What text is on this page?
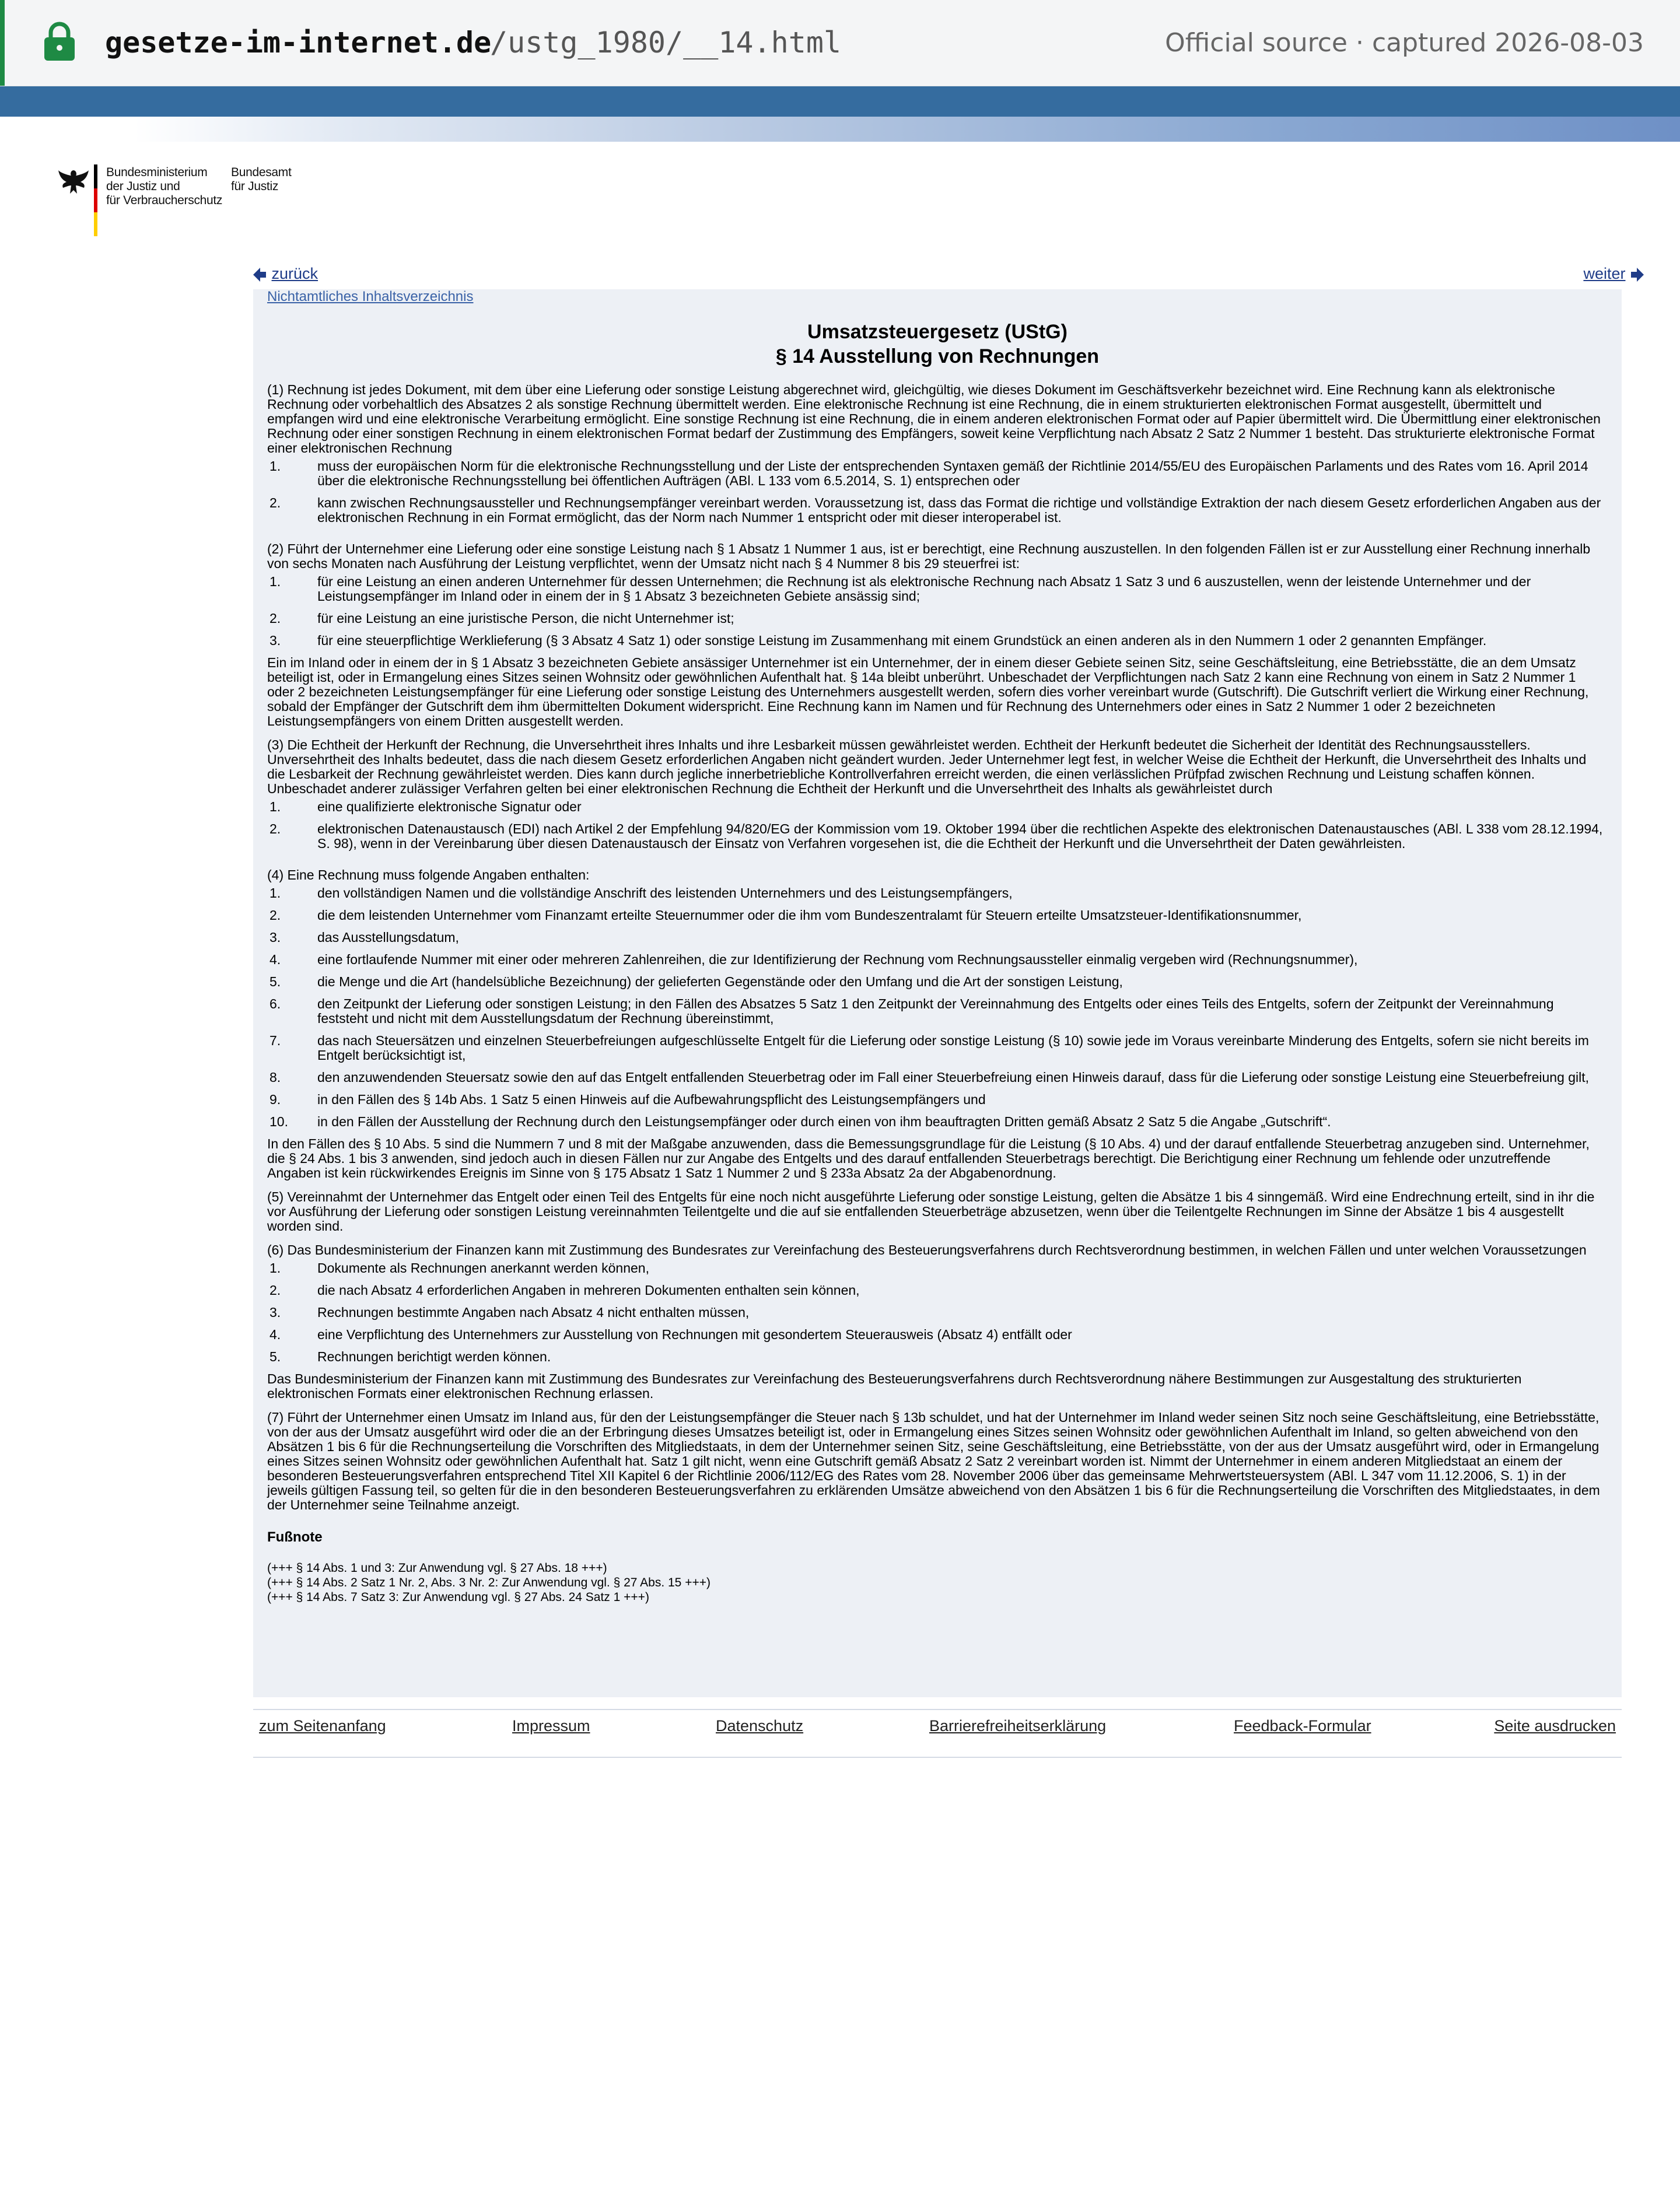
gesetze-im-internet.de
/ustg_1980/__14.html	Official source · captured 2026-08-03
Bundesministerium
der Justiz und
für Verbraucherschutz
Bundesamt
für Justiz
zurück	weiter
Nichtamtliches Inhaltsverzeichnis
Umsatzsteuergesetz (UStG)
§ 14 Ausstellung von Rechnungen

(1) Rechnung ist jedes Dokument, mit dem über eine Lieferung oder sonstige Leistung abgerechnet wird, gleichgültig, wie dieses Dokument im Geschäftsverkehr bezeichnet wird. Eine Rechnung kann als elektronische Rechnung oder vorbehaltlich des Absatzes 2 als sonstige Rechnung übermittelt werden. Eine elektronische Rechnung ist eine Rechnung, die in einem strukturierten elektronischen Format ausgestellt, übermittelt und empfangen wird und eine elektronische Verarbeitung ermöglicht. Eine sonstige Rechnung ist eine Rechnung, die in einem anderen elektronischen Format oder auf Papier übermittelt wird. Die Übermittlung einer elektronischen Rechnung oder einer sonstigen Rechnung in einem elektronischen Format bedarf der Zustimmung des Empfängers, soweit keine Verpflichtung nach Absatz 2 Satz 2 Nummer 1 besteht. Das strukturierte elektronische Format einer elektronischen Rechnung

1.	muss der europäischen Norm für die elektronische Rechnungsstellung und der Liste der entsprechenden Syntaxen gemäß der Richtlinie 2014/55/EU des Europäischen Parlaments und des Rates vom 16. April 2014 über die elektronische Rechnungsstellung bei öffentlichen Aufträgen (ABl. L 133 vom 6.5.2014, S. 1) entsprechen oder
2.	kann zwischen Rechnungsaussteller und Rechnungsempfänger vereinbart werden. Voraussetzung ist, dass das Format die richtige und vollständige Extraktion der nach diesem Gesetz erforderlichen Angaben aus der elektronischen Rechnung in ein Format ermöglicht, das der Norm nach Nummer 1 entspricht oder mit dieser interoperabel ist.

(2) Führt der Unternehmer eine Lieferung oder eine sonstige Leistung nach § 1 Absatz 1 Nummer 1 aus, ist er berechtigt, eine Rechnung auszustellen. In den folgenden Fällen ist er zur Ausstellung einer Rechnung innerhalb von sechs Monaten nach Ausführung der Leistung verpflichtet, wenn der Umsatz nicht nach § 4 Nummer 8 bis 29 steuerfrei ist:

1.	für eine Leistung an einen anderen Unternehmer für dessen Unternehmen; die Rechnung ist als elektronische Rechnung nach Absatz 1 Satz 3 und 6 auszustellen, wenn der leistende Unternehmer und der Leistungsempfänger im Inland oder in einem der in § 1 Absatz 3 bezeichneten Gebiete ansässig sind;
2.	für eine Leistung an eine juristische Person, die nicht Unternehmer ist;
3.	für eine steuerpflichtige Werklieferung (§ 3 Absatz 4 Satz 1) oder sonstige Leistung im Zusammenhang mit einem Grundstück an einen anderen als in den Nummern 1 oder 2 genannten Empfänger.

Ein im Inland oder in einem der in § 1 Absatz 3 bezeichneten Gebiete ansässiger Unternehmer ist ein Unternehmer, der in einem dieser Gebiete seinen Sitz, seine Geschäftsleitung, eine Betriebsstätte, die an dem Umsatz beteiligt ist, oder in Ermangelung eines Sitzes seinen Wohnsitz oder gewöhnlichen Aufenthalt hat. § 14a bleibt unberührt. Unbeschadet der Verpflichtungen nach Satz 2 kann eine Rechnung von einem in Satz 2 Nummer 1 oder 2 bezeichneten Leistungsempfänger für eine Lieferung oder sonstige Leistung des Unternehmers ausgestellt werden, sofern dies vorher vereinbart wurde (Gutschrift). Die Gutschrift verliert die Wirkung einer Rechnung, sobald der Empfänger der Gutschrift dem ihm übermittelten Dokument widerspricht. Eine Rechnung kann im Namen und für Rechnung des Unternehmers oder eines in Satz 2 Nummer 1 oder 2 bezeichneten Leistungsempfängers von einem Dritten ausgestellt werden.

(3) Die Echtheit der Herkunft der Rechnung, die Unversehrtheit ihres Inhalts und ihre Lesbarkeit müssen gewährleistet werden. Echtheit der Herkunft bedeutet die Sicherheit der Identität des Rechnungsausstellers. Unversehrtheit des Inhalts bedeutet, dass die nach diesem Gesetz erforderlichen Angaben nicht geändert wurden. Jeder Unternehmer legt fest, in welcher Weise die Echtheit der Herkunft, die Unversehrtheit des Inhalts und die Lesbarkeit der Rechnung gewährleistet werden. Dies kann durch jegliche innerbetriebliche Kontrollverfahren erreicht werden, die einen verlässlichen Prüfpfad zwischen Rechnung und Leistung schaffen können. Unbeschadet anderer zulässiger Verfahren gelten bei einer elektronischen Rechnung die Echtheit der Herkunft und die Unversehrtheit des Inhalts als gewährleistet durch

1.	eine qualifizierte elektronische Signatur oder
2.	elektronischen Datenaustausch (EDI) nach Artikel 2 der Empfehlung 94/820/EG der Kommission vom 19. Oktober 1994 über die rechtlichen Aspekte des elektronischen Datenaustausches (ABl. L 338 vom 28.12.1994, S. 98), wenn in der Vereinbarung über diesen Datenaustausch der Einsatz von Verfahren vorgesehen ist, die die Echtheit der Herkunft und die Unversehrtheit der Daten gewährleisten.

(4) Eine Rechnung muss folgende Angaben enthalten:

1.	den vollständigen Namen und die vollständige Anschrift des leistenden Unternehmers und des Leistungsempfängers,
2.	die dem leistenden Unternehmer vom Finanzamt erteilte Steuernummer oder die ihm vom Bundeszentralamt für Steuern erteilte Umsatzsteuer-Identifikationsnummer,
3.	das Ausstellungsdatum,
4.	eine fortlaufende Nummer mit einer oder mehreren Zahlenreihen, die zur Identifizierung der Rechnung vom Rechnungsaussteller einmalig vergeben wird (Rechnungsnummer),
5.	die Menge und die Art (handelsübliche Bezeichnung) der gelieferten Gegenstände oder den Umfang und die Art der sonstigen Leistung,
6.	den Zeitpunkt der Lieferung oder sonstigen Leistung; in den Fällen des Absatzes 5 Satz 1 den Zeitpunkt der Vereinnahmung des Entgelts oder eines Teils des Entgelts, sofern der Zeitpunkt der Vereinnahmung feststeht und nicht mit dem Ausstellungsdatum der Rechnung übereinstimmt,
7.	das nach Steuersätzen und einzelnen Steuerbefreiungen aufgeschlüsselte Entgelt für die Lieferung oder sonstige Leistung (§ 10) sowie jede im Voraus vereinbarte Minderung des Entgelts, sofern sie nicht bereits im Entgelt berücksichtigt ist,
8.	den anzuwendenden Steuersatz sowie den auf das Entgelt entfallenden Steuerbetrag oder im Fall einer Steuerbefreiung einen Hinweis darauf, dass für die Lieferung oder sonstige Leistung eine Steuerbefreiung gilt,
9.	in den Fällen des § 14b Abs. 1 Satz 5 einen Hinweis auf die Aufbewahrungspflicht des Leistungsempfängers und
10. in den Fällen der Ausstellung der Rechnung durch den Leistungsempfänger oder durch einen von ihm beauftragten Dritten gemäß Absatz 2 Satz 5 die Angabe „Gutschrift“.

In den Fällen des § 10 Abs. 5 sind die Nummern 7 und 8 mit der Maßgabe anzuwenden, dass die Bemessungsgrundlage für die Leistung (§ 10 Abs. 4) und der darauf entfallende Steuerbetrag anzugeben sind. Unternehmer, die § 24 Abs. 1 bis 3 anwenden, sind jedoch auch in diesen Fällen nur zur Angabe des Entgelts und des darauf entfallenden Steuerbetrags berechtigt. Die Berichtigung einer Rechnung um fehlende oder unzutreffende Angaben ist kein rückwirkendes Ereignis im Sinne von § 175 Absatz 1 Satz 1 Nummer 2 und § 233a Absatz 2a der Abgabenordnung.

(5) Vereinnahmt der Unternehmer das Entgelt oder einen Teil des Entgelts für eine noch nicht ausgeführte Lieferung oder sonstige Leistung, gelten die Absätze 1 bis 4 sinngemäß. Wird eine Endrechnung erteilt, sind in ihr die vor Ausführung der Lieferung oder sonstigen Leistung vereinnahmten Teilentgelte und die auf sie entfallenden Steuerbeträge abzusetzen, wenn über die Teilentgelte Rechnungen im Sinne der Absätze 1 bis 4 ausgestellt worden sind.

(6) Das Bundesministerium der Finanzen kann mit Zustimmung des Bundesrates zur Vereinfachung des Besteuerungsverfahrens durch Rechtsverordnung bestimmen, in welchen Fällen und unter welchen Voraussetzungen

1.	Dokumente als Rechnungen anerkannt werden können,
2.	die nach Absatz 4 erforderlichen Angaben in mehreren Dokumenten enthalten sein können,
3.	Rechnungen bestimmte Angaben nach Absatz 4 nicht enthalten müssen,
4.	eine Verpflichtung des Unternehmers zur Ausstellung von Rechnungen mit gesondertem Steuerausweis (Absatz 4) entfällt oder
5.	Rechnungen berichtigt werden können.

Das Bundesministerium der Finanzen kann mit Zustimmung des Bundesrates zur Vereinfachung des Besteuerungsverfahrens durch Rechtsverordnung nähere Bestimmungen zur Ausgestaltung des strukturierten elektronischen Formats einer elektronischen Rechnung erlassen.

(7) Führt der Unternehmer einen Umsatz im Inland aus, für den der Leistungsempfänger die Steuer nach § 13b schuldet, und hat der Unternehmer im Inland weder seinen Sitz noch seine Geschäftsleitung, eine Betriebsstätte, von der aus der Umsatz ausgeführt wird oder die an der Erbringung dieses Umsatzes beteiligt ist, oder in Ermangelung eines Sitzes seinen Wohnsitz oder gewöhnlichen Aufenthalt im Inland, so gelten abweichend von den Absätzen 1 bis 6 für die Rechnungserteilung die Vorschriften des Mitgliedstaats, in dem der Unternehmer seinen Sitz, seine Geschäftsleitung, eine Betriebsstätte, von der aus der Umsatz ausgeführt wird, oder in Ermangelung eines Sitzes seinen Wohnsitz oder gewöhnlichen Aufenthalt hat. Satz 1 gilt nicht, wenn eine Gutschrift gemäß Absatz 2 Satz 2 vereinbart worden ist. Nimmt der Unternehmer in einem anderen Mitgliedstaat an einem der besonderen Besteuerungsverfahren entsprechend Titel XII Kapitel 6 der Richtlinie 2006/112/EG des Rates vom 28. November 2006 über das gemeinsame Mehrwertsteuersystem (ABl. L 347 vom 11.12.2006, S. 1) in der jeweils gültigen Fassung teil, so gelten für die in den besonderen Besteuerungsverfahren zu erklärenden Umsätze abweichend von den Absätzen 1 bis 6 für die Rechnungserteilung die Vorschriften des Mitgliedstaates, in dem der Unternehmer seine Teilnahme anzeigt.

Fußnote
(+++ § 14 Abs. 1 und 3: Zur Anwendung vgl. § 27 Abs. 18 +++)
(+++ § 14 Abs. 2 Satz 1 Nr. 2, Abs. 3 Nr. 2: Zur Anwendung vgl. § 27 Abs. 15 +++)
(+++ § 14 Abs. 7 Satz 3: Zur Anwendung vgl. § 27 Abs. 24 Satz 1 +++)
zum Seitenanfang	Impressum	Datenschutz	Barrierefreiheitserklärung	Feedback-Formular	Seite ausdrucken
